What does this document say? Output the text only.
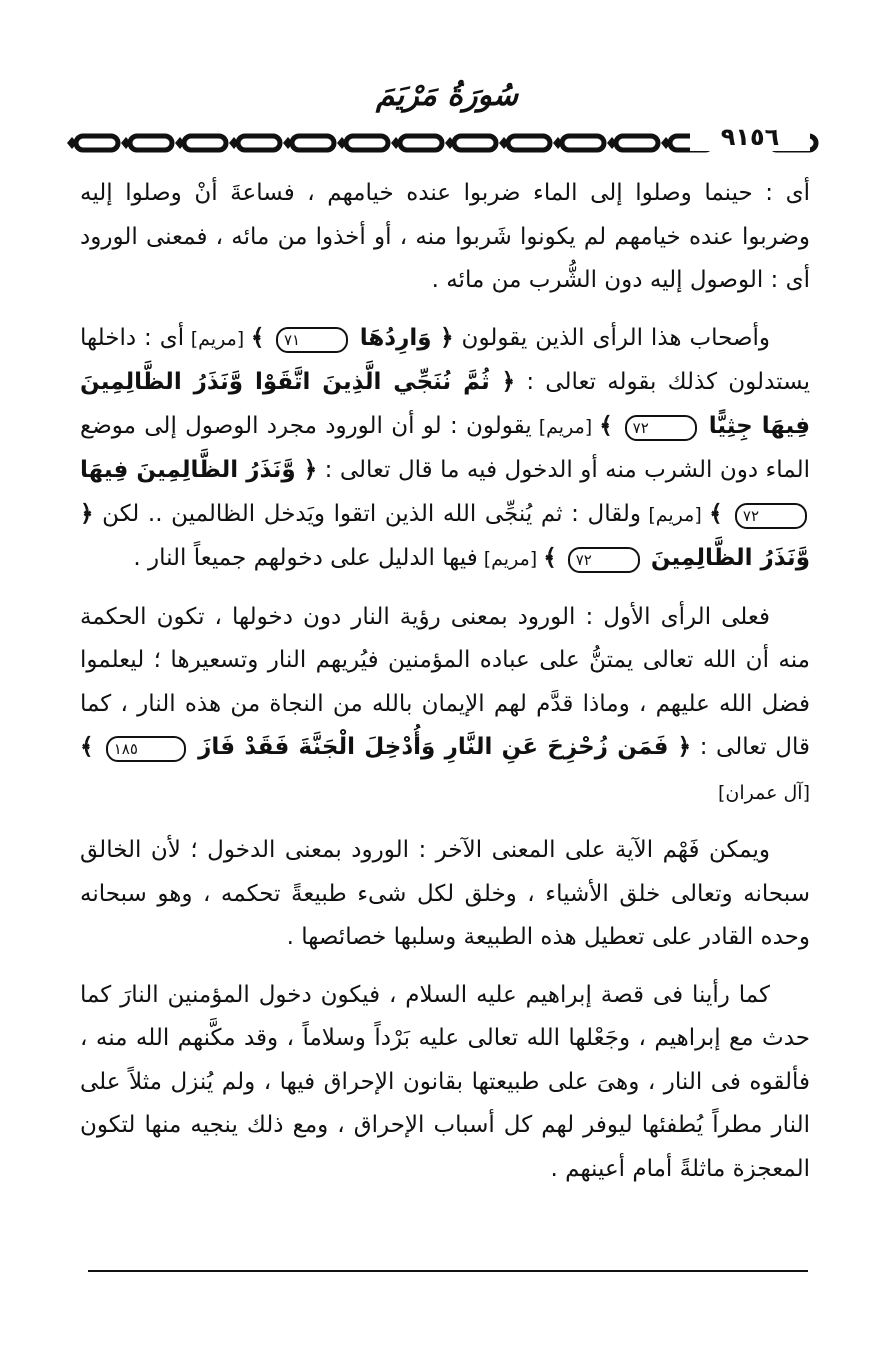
سُورَةُ مَرْيَمَ
٩١٥٦

أى : حينما وصلوا إلى الماء ضربوا عنده خيامهم ، فساعةَ أنْ وصلوا إليه وضربوا عنده خيامهم لم يكونوا شَربوا منه ، أو أخذوا من مائه ، فمعنى الورود أى : الوصول إليه دون الشُّرب من مائه .

وأصحاب هذا الرأى الذين يقولون ﴿ وَارِدُهَا ٧١ ﴾ [مريم] أى : داخلها يستدلون كذلك بقوله تعالى : ﴿ ثُمَّ نُنَجِّي الَّذِينَ اتَّقَوْا وَّنَذَرُ الظَّالِمِينَ فِيهَا جِثِيًّا ٧٢ ﴾ [مريم] يقولون : لو أن الورود مجرد الوصول إلى موضع الماء دون الشرب منه أو الدخول فيه ما قال تعالى : ﴿ وَّنَذَرُ الظَّالِمِينَ فِيهَا ٧٢ ﴾ [مريم] ولقال : ثم يُنجِّى الله الذين اتقوا ويَدخل الظالمين .. لكن ﴿ وَّنَذَرُ الظَّالِمِينَ ٧٢ ﴾ [مريم] فيها الدليل على دخولهم جميعاً النار .

فعلى الرأى الأول : الورود بمعنى رؤية النار دون دخولها ، تكون الحكمة منه أن الله تعالى يمتنُّ على عباده المؤمنين فيُريهم النار وتسعيرها ؛ ليعلموا فضل الله عليهم ، وماذا قدَّم لهم الإيمان بالله من النجاة من هذه النار ، كما قال تعالى : ﴿ فَمَن زُحْزِحَ عَنِ النَّارِ وَأُدْخِلَ الْجَنَّةَ فَقَدْ فَازَ ١٨٥ ﴾ [آل عمران]

ويمكن فَهْم الآية على المعنى الآخر : الورود بمعنى الدخول ؛ لأن الخالق سبحانه وتعالى خلق الأشياء ، وخلق لكل شىء طبيعةً تحكمه ، وهو سبحانه وحده القادر على تعطيل هذه الطبيعة وسلبها خصائصها .

كما رأينا فى قصة إبراهيم عليه السلام ، فيكون دخول المؤمنين النارَ كما حدث مع إبراهيم ، وجَعْلها الله تعالى عليه بَرْداً وسلاماً ، وقد مكَّنهم الله منه ، فألقوه فى النار ، وهىَ على طبيعتها بقانون الإحراق فيها ، ولم يُنزل مثلاً على النار مطراً يُطفئها ليوفر لهم كل أسباب الإحراق ، ومع ذلك ينجيه منها لتكون المعجزة ماثلةً أمام أعينهم .
